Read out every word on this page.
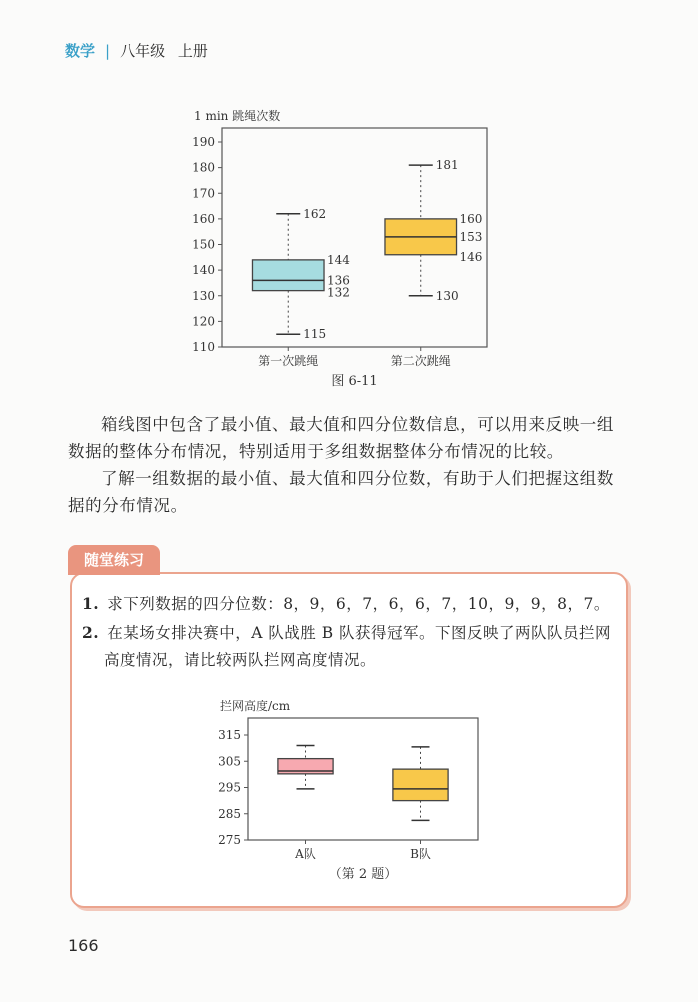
数学 | 八年级 上册
1 min 跳绳次数
110
120
130
140
150
160
170
180
190
第一次跳绳
162
115
144
136
132
第二次跳绳
181
130
160
153
146
图 6-11

箱线图中包含了最小值、最大值和四分位数信息，可以用来反映一组数据的整体分布情况，特别适用于多组数据整体分布情况的比较。

了解一组数据的最小值、最大值和四分位数，有助于人们把握这组数据的分布情况。

随堂练习
1. 求下列数据的四分位数：8，9，6，7，6，6，7，10，9，9，8，7。
2. 在某场女排决赛中，A 队战胜 B 队获得冠军。下图反映了两队队员拦网高度情况，请比较两队拦网高度情况。
拦网高度/cm
275
285
295
305
315
A队	B队
（第 2 题）
166
